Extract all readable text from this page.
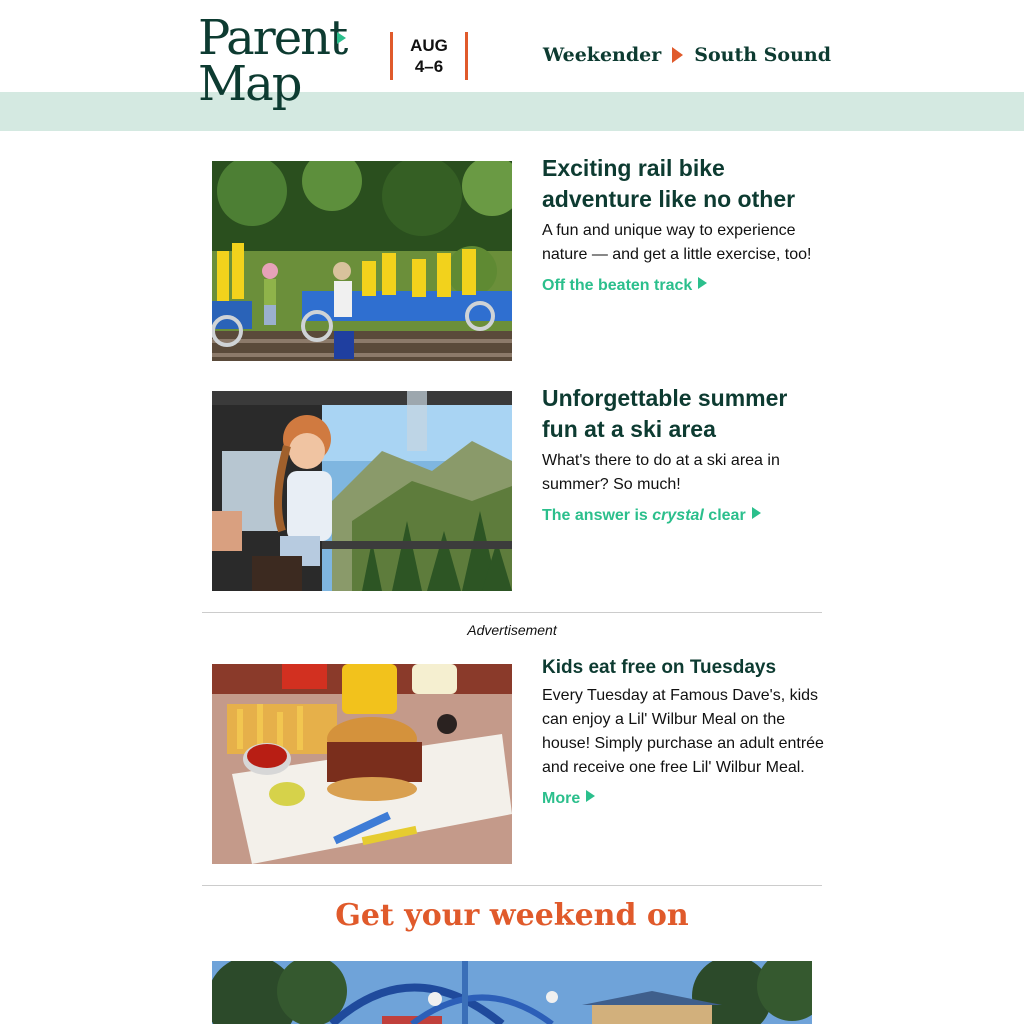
Parent
Map
AUG
4–6
Weekender South Sound
Exciting rail bike adventure like no other

A fun and unique way to experience nature — and get a little exercise, too!

Off the beaten track
Unforgettable summer fun at a ski area

What's there to do at a ski area in summer? So much!

The answer is crystal clear
Advertisement
Kids eat free on Tuesdays

Every Tuesday at Famous Dave's, kids can enjoy a Lil' Wilbur Meal on the house! Simply purchase an adult entrée and receive one free Lil' Wilbur Meal.

More
Get your weekend on
